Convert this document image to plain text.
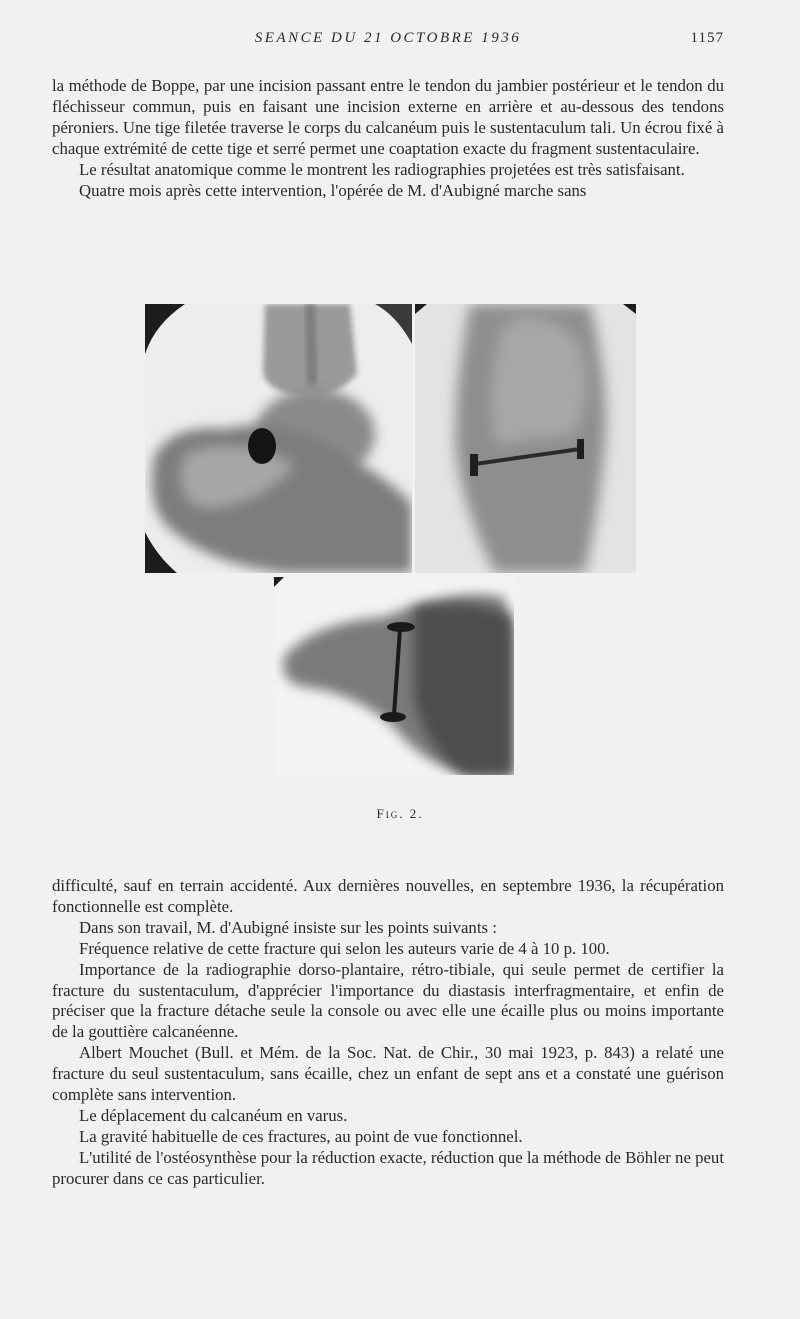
SEANCE DU 21 OCTOBRE 1936	1157

la méthode de Boppe, par une incision passant entre le tendon du jambier postérieur et le tendon du fléchisseur commun, puis en faisant une incision externe en arrière et au-dessous des tendons péroniers. Une tige filetée traverse le corps du calcanéum puis le sustentaculum tali. Un écrou fixé à chaque extrémité de cette tige et serré permet une coaptation exacte du fragment sustentaculaire.

Le résultat anatomique comme le montrent les radiographies projetées est très satisfaisant.

Quatre mois après cette intervention, l'opérée de M. d'Aubigné marche sans

Fig. 2.

difficulté, sauf en terrain accidenté. Aux dernières nouvelles, en septembre 1936, la récupération fonctionnelle est complète.

Dans son travail, M. d'Aubigné insiste sur les points suivants :

Fréquence relative de cette fracture qui selon les auteurs varie de 4 à 10 p. 100.

Importance de la radiographie dorso-plantaire, rétro-tibiale, qui seule permet de certifier la fracture du sustentaculum, d'apprécier l'importance du diastasis interfragmentaire, et enfin de préciser que la fracture détache seule la console ou avec elle une écaille plus ou moins importante de la gouttière calcanéenne.

Albert Mouchet (Bull. et Mém. de la Soc. Nat. de Chir., 30 mai 1923, p. 843) a relaté une fracture du seul sustentaculum, sans écaille, chez un enfant de sept ans et a constaté une guérison complète sans intervention.

Le déplacement du calcanéum en varus.

La gravité habituelle de ces fractures, au point de vue fonctionnel.

L'utilité de l'ostéosynthèse pour la réduction exacte, réduction que la méthode de Böhler ne peut procurer dans ce cas particulier.
